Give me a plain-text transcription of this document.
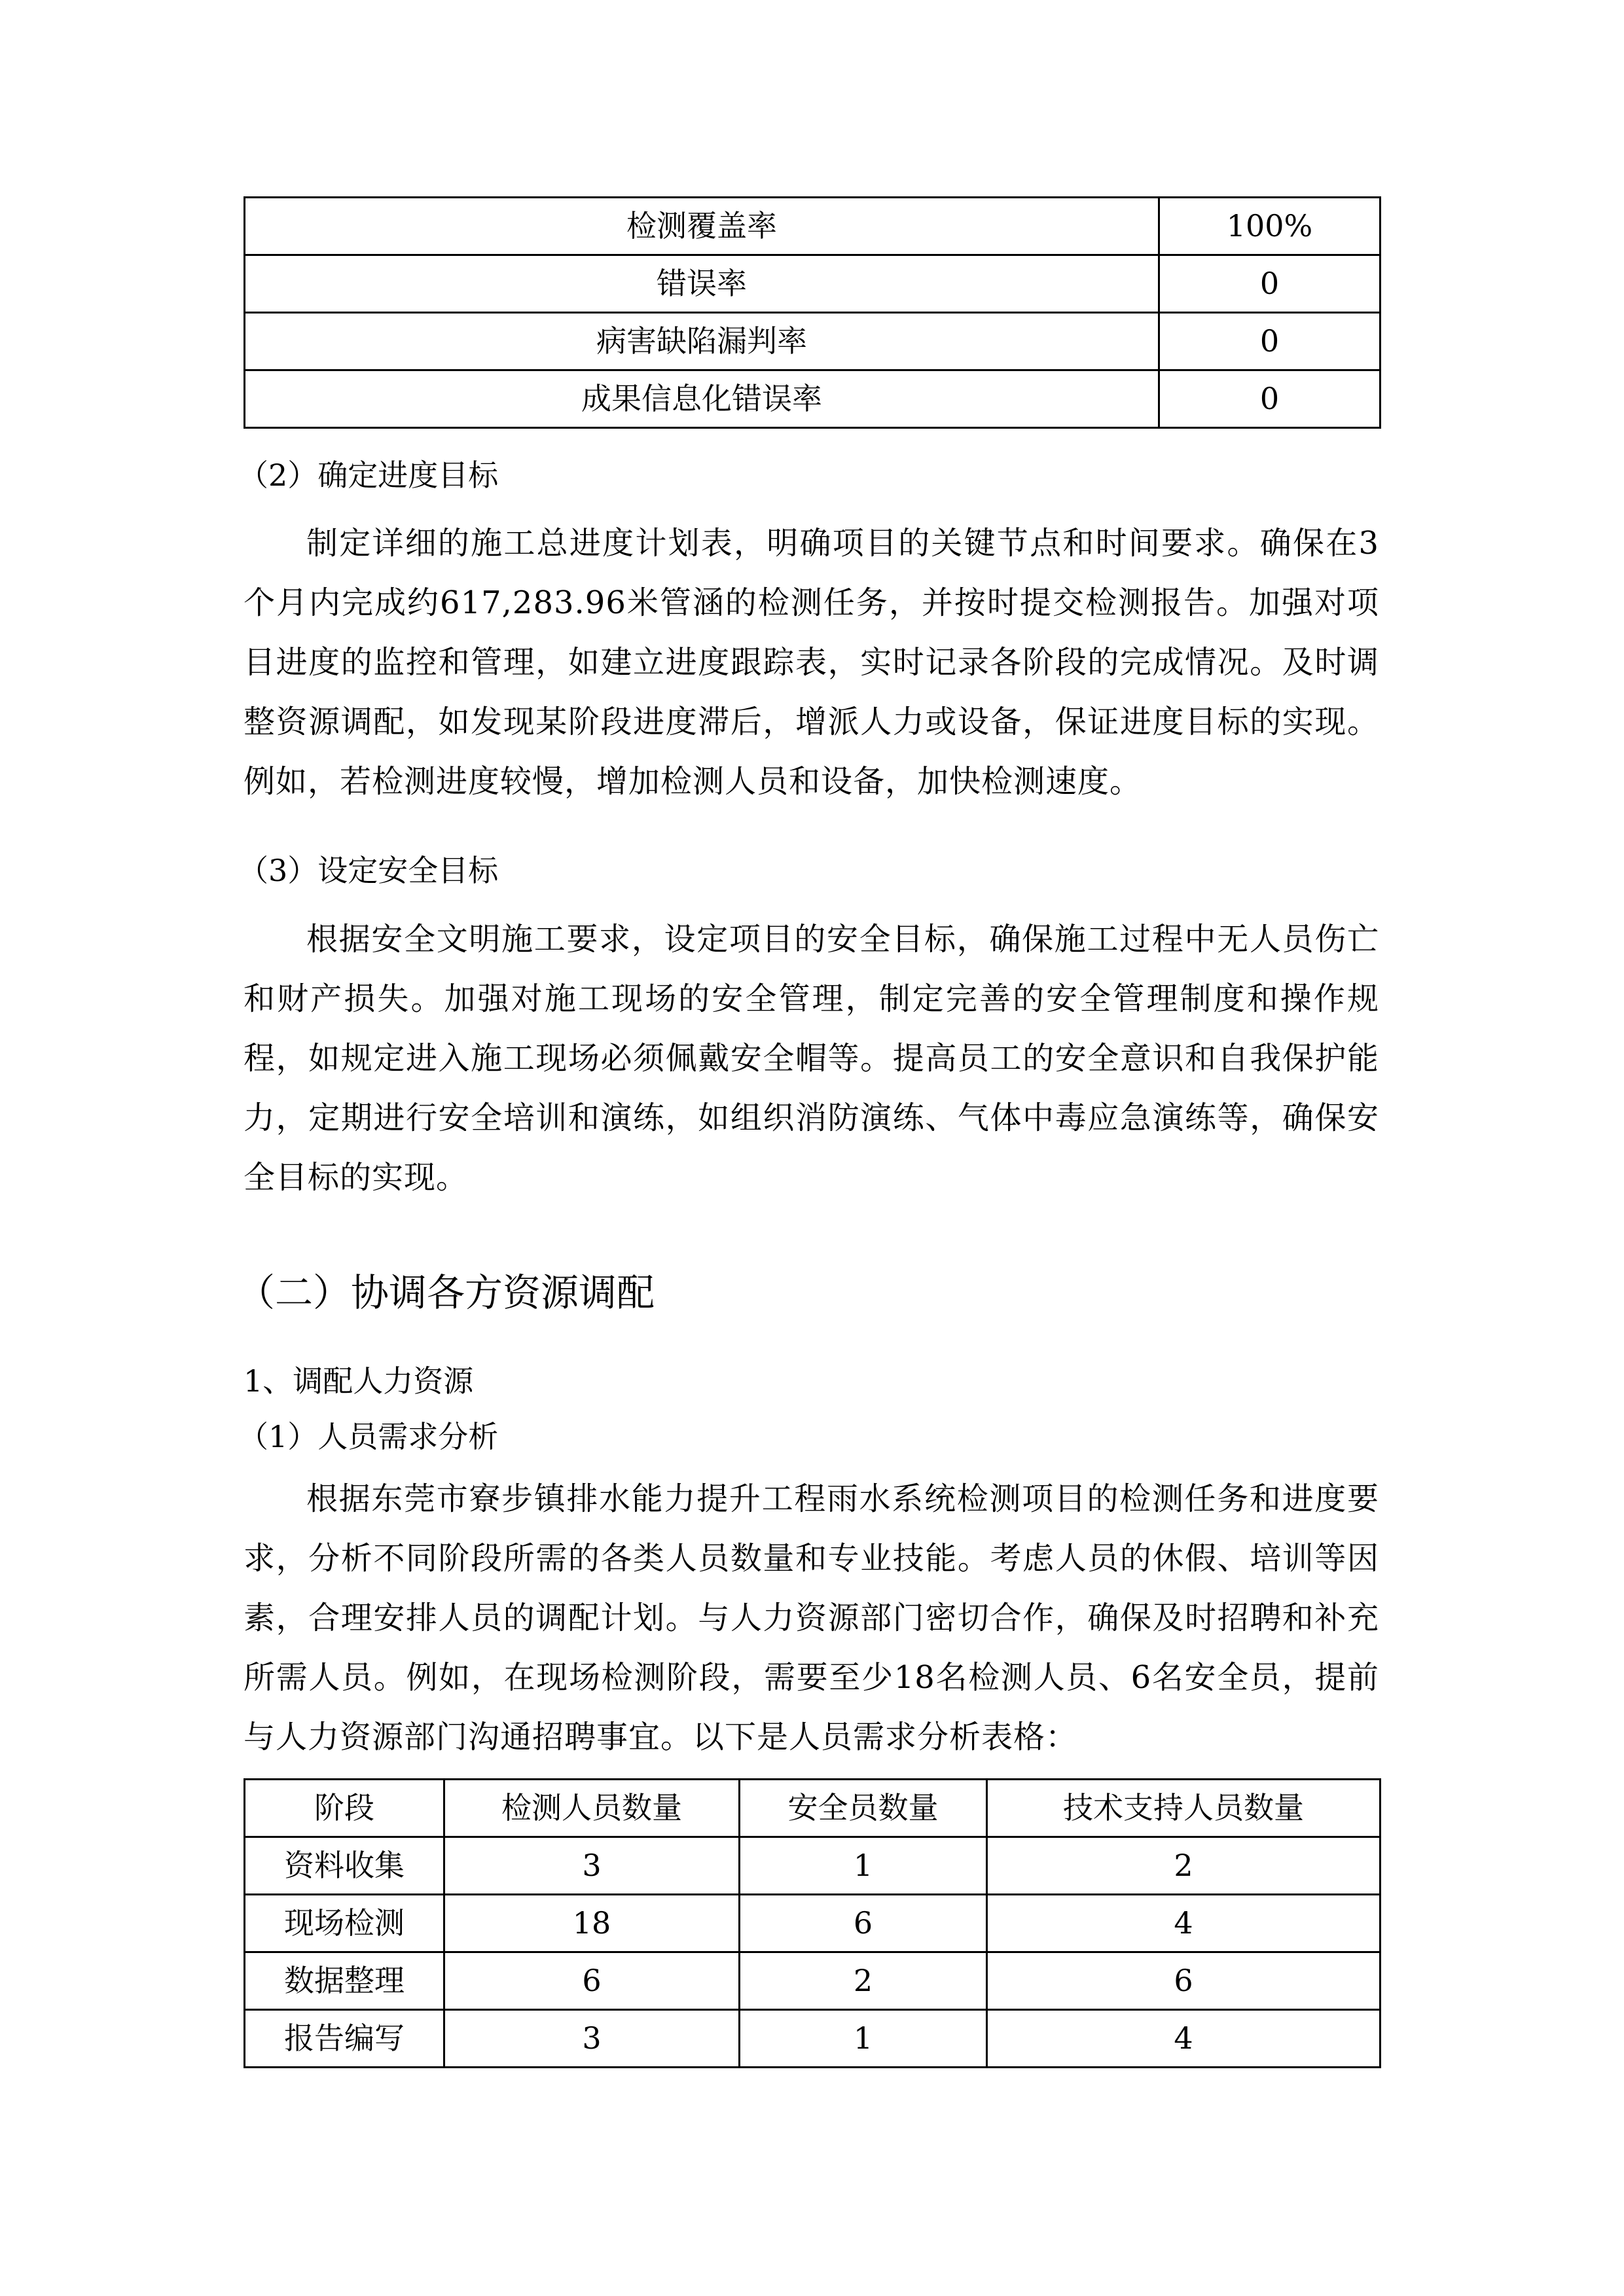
检测覆盖率	100%
错误率	0
病害缺陷漏判率	0
成果信息化错误率	0
（2）确定进度目标
制定详细的施工总进度计划表，明确项目的关键节点和时间要求。确保在3个月内完成约617,283.96米管涵的检测任务，并按时提交检测报告。加强对项目进度的监控和管理，如建立进度跟踪表，实时记录各阶段的完成情况。及时调整资源调配，如发现某阶段进度滞后，增派人力或设备，保证进度目标的实现。例如，若检测进度较慢，增加检测人员和设备，加快检测速度。
（3）设定安全目标
根据安全文明施工要求，设定项目的安全目标，确保施工过程中无人员伤亡和财产损失。加强对施工现场的安全管理，制定完善的安全管理制度和操作规程，如规定进入施工现场必须佩戴安全帽等。提高员工的安全意识和自我保护能力，定期进行安全培训和演练，如组织消防演练、气体中毒应急演练等，确保安全目标的实现。
（二）协调各方资源调配
1、调配人力资源
（1）人员需求分析
根据东莞市寮步镇排水能力提升工程雨水系统检测项目的检测任务和进度要求，分析不同阶段所需的各类人员数量和专业技能。考虑人员的休假、培训等因素，合理安排人员的调配计划。与人力资源部门密切合作，确保及时招聘和补充所需人员。例如，在现场检测阶段，需要至少18名检测人员、6名安全员，提前与人力资源部门沟通招聘事宜。以下是人员需求分析表格：
阶段	检测人员数量	安全员数量	技术支持人员数量
资料收集	3	1	2
现场检测	18	6	4
数据整理	6	2	6
报告编写	3	1	4
